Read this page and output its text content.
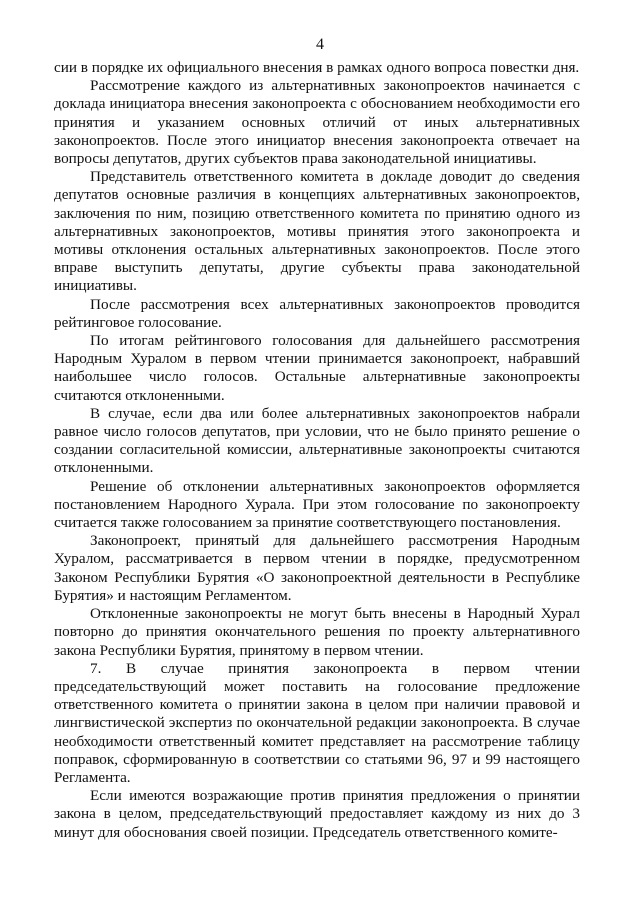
4

сии в порядке их официального внесения в рамках одного вопроса повестки дня.

Рассмотрение каждого из альтернативных законопроектов начинается с доклада инициатора внесения законопроекта с обоснованием необходимости его принятия и указанием основных отличий от иных альтернативных законопроектов. После этого инициатор внесения законопроекта отвечает на вопросы депутатов, других субъектов права законодательной инициативы.

Представитель ответственного комитета в докладе доводит до сведения депутатов основные различия в концепциях альтернативных законопроектов, заключения по ним, позицию ответственного комитета по принятию одного из альтернативных законопроектов, мотивы принятия этого законопроекта и мотивы отклонения остальных альтернативных законопроектов. После этого вправе выступить депутаты, другие субъекты права законодательной инициативы.

После рассмотрения всех альтернативных законопроектов проводится рейтинговое голосование.

По итогам рейтингового голосования для дальнейшего рассмотрения Народным Хуралом в первом чтении принимается законопроект, набравший наибольшее число голосов. Остальные альтернативные законопроекты считаются отклоненными.

В случае, если два или более альтернативных законопроектов набрали равное число голосов депутатов, при условии, что не было принято решение о создании согласительной комиссии, альтернативные законопроекты считаются отклоненными.

Решение об отклонении альтернативных законопроектов оформляется постановлением Народного Хурала. При этом голосование по законопроекту считается также голосованием за принятие соответствующего постановления.

Законопроект, принятый для дальнейшего рассмотрения Народным Хуралом, рассматривается в первом чтении в порядке, предусмотренном Законом Республики Бурятия «О законопроектной деятельности в Республике Бурятия» и настоящим Регламентом.

Отклоненные законопроекты не могут быть внесены в Народный Хурал повторно до принятия окончательного решения по проекту альтернативного закона Республики Бурятия, принятому в первом чтении.

7. В случае принятия законопроекта в первом чтении председательствующий может поставить на голосование предложение ответственного комитета о принятии закона в целом при наличии правовой и лингвистической экспертиз по окончательной редакции законопроекта. В случае необходимости ответственный комитет представляет на рассмотрение таблицу поправок, сформированную в соответствии со статьями 96, 97 и 99 настоящего Регламента.

Если имеются возражающие против принятия предложения о принятии закона в целом, председательствующий предоставляет каждому из них до 3 минут для обоснования своей позиции. Председатель ответственного комите-
